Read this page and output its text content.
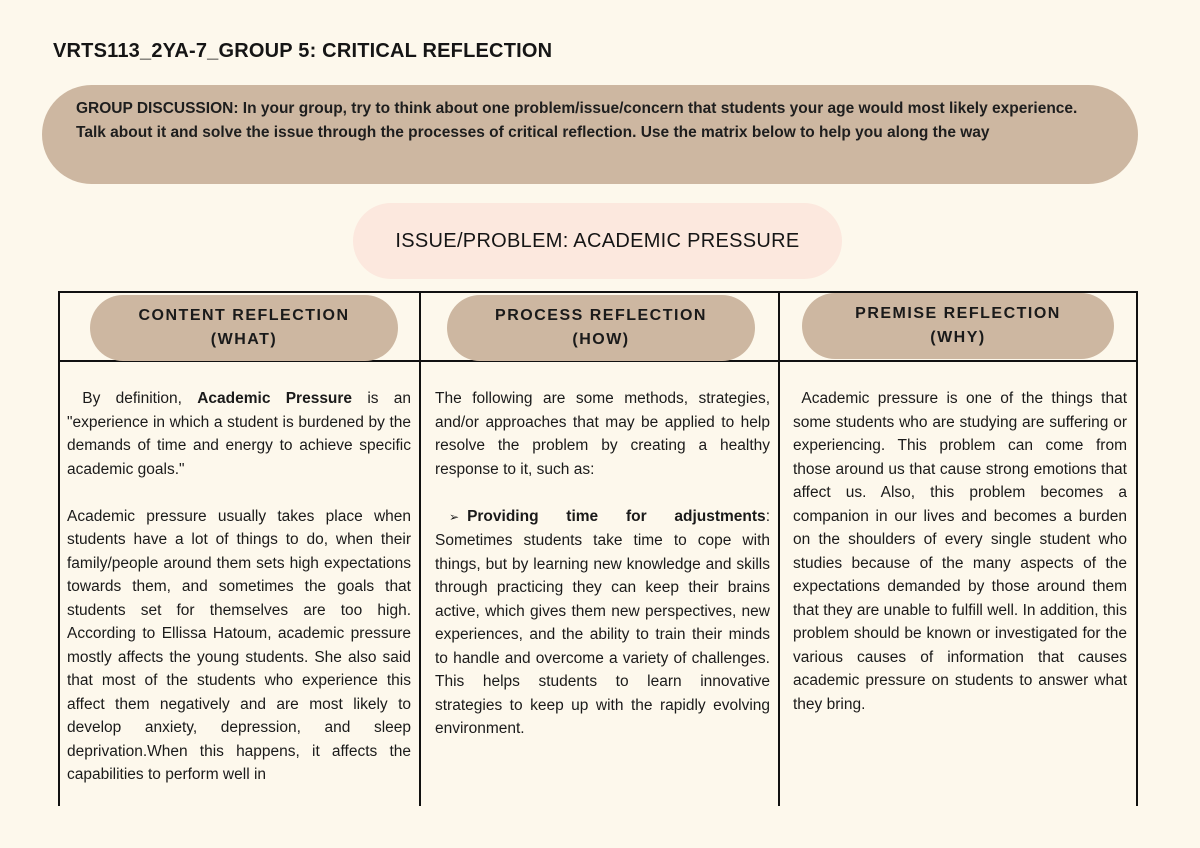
VRTS113_2YA-7_GROUP 5: CRITICAL REFLECTION
GROUP DISCUSSION: In your group, try to think about one problem/issue/concern that students your age would most likely experience. Talk about it and solve the issue through the processes of critical reflection. Use the matrix below to help you along the way
ISSUE/PROBLEM: ACADEMIC PRESSURE
CONTENT REFLECTION
(WHAT)

By definition, Academic Pressure is an "experience in which a student is burdened by the demands of time and energy to achieve specific academic goals."

Academic pressure usually takes place when students have a lot of things to do, when their family/people around them sets high expectations towards them, and sometimes the goals that students set for themselves are too high. According to Ellissa Hatoum, academic pressure mostly affects the young students. She also said that most of the students who experience this affect them negatively and are most likely to develop anxiety, depression, and sleep deprivation.When this happens, it affects the capabilities to perform well in

PROCESS REFLECTION
(HOW)

The following are some methods, strategies, and/or approaches that may be applied to help resolve the problem by creating a healthy response to it, such as:

➢ Providing time for adjustments: Sometimes students take time to cope with things, but by learning new knowledge and skills through practicing they can keep their brains active, which gives them new perspectives, new experiences, and the ability to train their minds to handle and overcome a variety of challenges. This helps students to learn innovative strategies to keep up with the rapidly evolving environment.

PREMISE REFLECTION
(WHY)

Academic pressure is one of the things that some students who are studying are suffering or experiencing. This problem can come from those around us that cause strong emotions that affect us. Also, this problem becomes a companion in our lives and becomes a burden on the shoulders of every single student who studies because of the many aspects of the expectations demanded by those around them that they are unable to fulfill well. In addition, this problem should be known or investigated for the various causes of information that causes academic pressure on students to answer what they bring.
